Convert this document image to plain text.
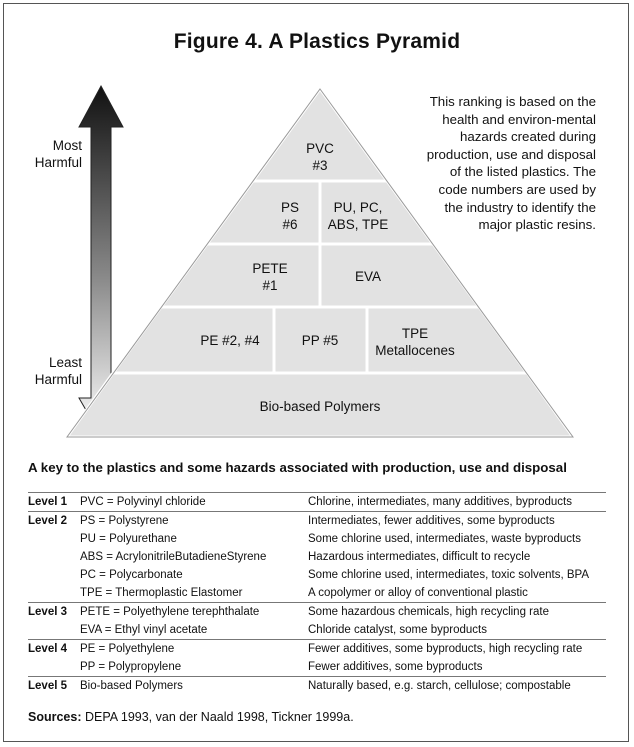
Figure 4. A Plastics Pyramid
Most
Harmful
Least
Harmful
This ranking is based on the health and environ-mental hazards created during production, use and disposal of the listed plastics. The code numbers are used by the industry to identify the major plastic resins.
PVC
#3
PS
#6
PU, PC,
ABS, TPE
PETE
#1
EVA
PE #2, #4	PP #5	TPE
Metallocenes
Bio-based Polymers
A key to the plastics and some hazards associated with production, use and disposal
Level 1	PVC = Polyvinyl chloride	Chlorine, intermediates, many additives, byproducts
Level 2	PS = Polystyrene	Intermediates, fewer additives, some byproducts
	PU = Polyurethane	Some chlorine used, intermediates, waste byproducts
	ABS = AcrylonitrileButadieneStyrene	Hazardous intermediates, difficult to recycle
	PC = Polycarbonate	Some chlorine used, intermediates, toxic solvents, BPA
	TPE = Thermoplastic Elastomer	A copolymer or alloy of conventional plastic
Level 3	PETE = Polyethylene terephthalate	Some hazardous chemicals, high recycling rate
	EVA = Ethyl vinyl acetate	Chloride catalyst, some byproducts
Level 4	PE = Polyethylene	Fewer additives, some byproducts, high recycling rate
	PP = Polypropylene	Fewer additives, some byproducts
Level 5	Bio-based Polymers	Naturally based, e.g. starch, cellulose; compostable
Sources: DEPA 1993, van der Naald 1998, Tickner 1999a.
